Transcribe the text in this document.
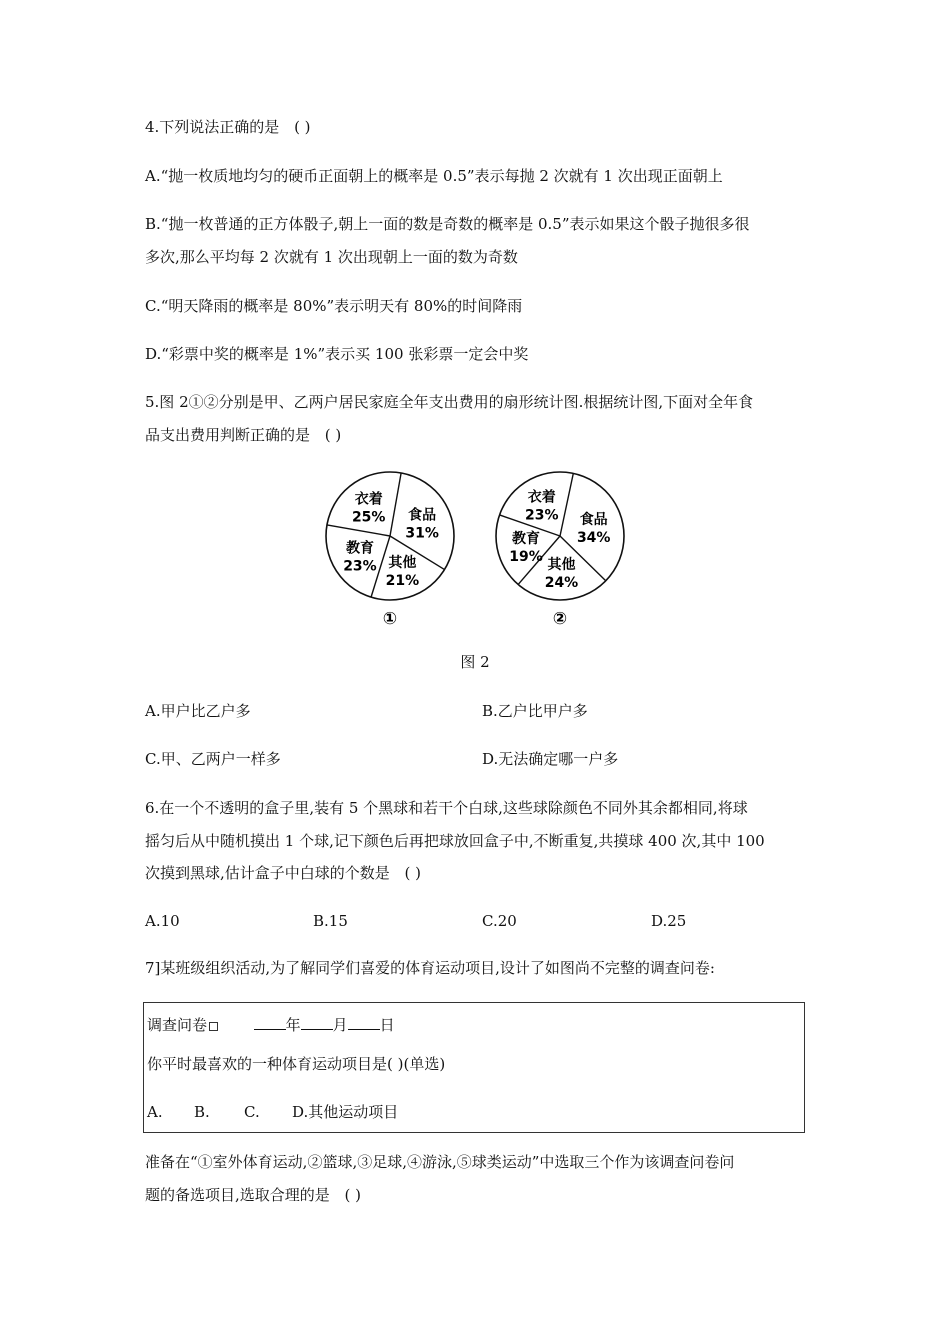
4.下列说法正确的是 ( )
A.“抛一枚质地均匀的硬币正面朝上的概率是 0.5”表示每抛 2 次就有 1 次出现正面朝上
B.“抛一枚普通的正方体骰子,朝上一面的数是奇数的概率是 0.5”表示如果这个骰子抛很多很
多次,那么平均每 2 次就有 1 次出现朝上一面的数为奇数
C.“明天降雨的概率是 80%”表示明天有 80%的时间降雨
D.“彩票中奖的概率是 1%”表示买 100 张彩票一定会中奖
5.图 2①②分别是甲、乙两户居民家庭全年支出费用的扇形统计图.根据统计图,下面对全年食
品支出费用判断正确的是 ( )
食品
31%
其他
21%
教育
23%
衣着
25%
①
食品
34%
其他
24%
教育
19%
衣着
23%
②
图 2
A.甲户比乙户多	B.乙户比甲户多
C.甲、乙两户一样多	D.无法确定哪一户多
6.在一个不透明的盒子里,装有 5 个黑球和若干个白球,这些球除颜色不同外其余都相同,将球
摇匀后从中随机摸出 1 个球,记下颜色后再把球放回盒子中,不断重复,共摸球 400 次,其中 100
次摸到黑球,估计盒子中白球的个数是 ( )
A.10	B.15	C.20	D.25
7]某班级组织活动,为了解同学们喜爱的体育运动项目,设计了如图尚不完整的调查问卷:
调查问卷	年 月 日
你平时最喜欢的一种体育运动项目是( )(单选)
A. B. C. D.其他运动项目
准备在“①室外体育运动,②篮球,③足球,④游泳,⑤球类运动”中选取三个作为该调查问卷问
题的备选项目,选取合理的是 ( )
